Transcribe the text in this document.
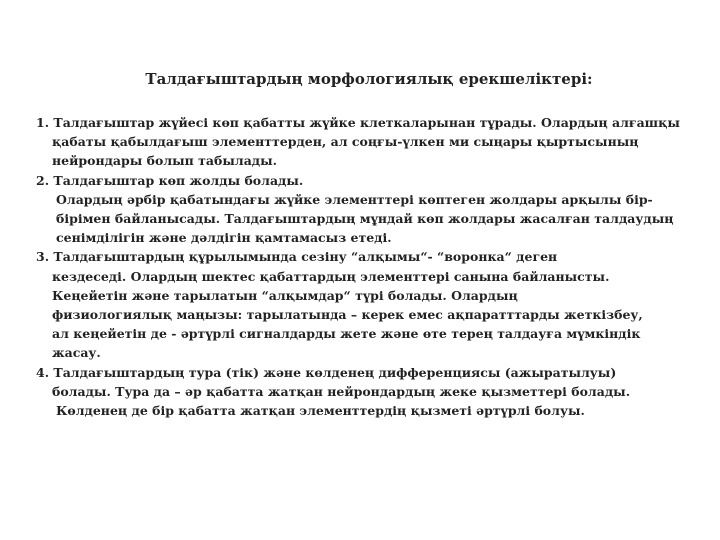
Талдағыштардың морфологиялық ерекшеліктері:
1. Талдағыштар жүйесі көп қабатты жүйке клеткаларынан тұрады. Олардың алғашқы
қабаты қабылдағыш элементтерден, ал соңғы-үлкен ми сыңары қыртысының
нейрондары болып табылады.
2. Талдағыштар көп жолды болады.
Олардың әрбір қабатындағы жүйке элементтері көптеген жолдары арқылы бір-
бірімен байланысады. Талдағыштардың мұндай көп жолдары жасалған талдаудың
сенімділігін және дәлдігін қамтамасыз етеді.
3. Талдағыштардың құрылымында сезіну “алқымы“- “воронка“ деген
кездеседі. Олардың шектес қабаттардың элементтері санына байланысты.
Кеңейетін және тарылатын “алқымдар“ түрі болады. Олардың
физиологиялық маңызы: тарылатында – керек емес ақпаратттарды жеткізбеу,
ал кеңейетін де - әртүрлі сигналдарды жете және өте терең талдауға мүмкіндік
жасау.
4. Талдағыштардың тура (тік) және көлденең дифференциясы (ажыратылуы)
болады. Тура да – әр қабатта жатқан нейрондардың жеке қызметтері болады.
Көлденең де бір қабатта жатқан элементтердің қызметі әртүрлі болуы.
